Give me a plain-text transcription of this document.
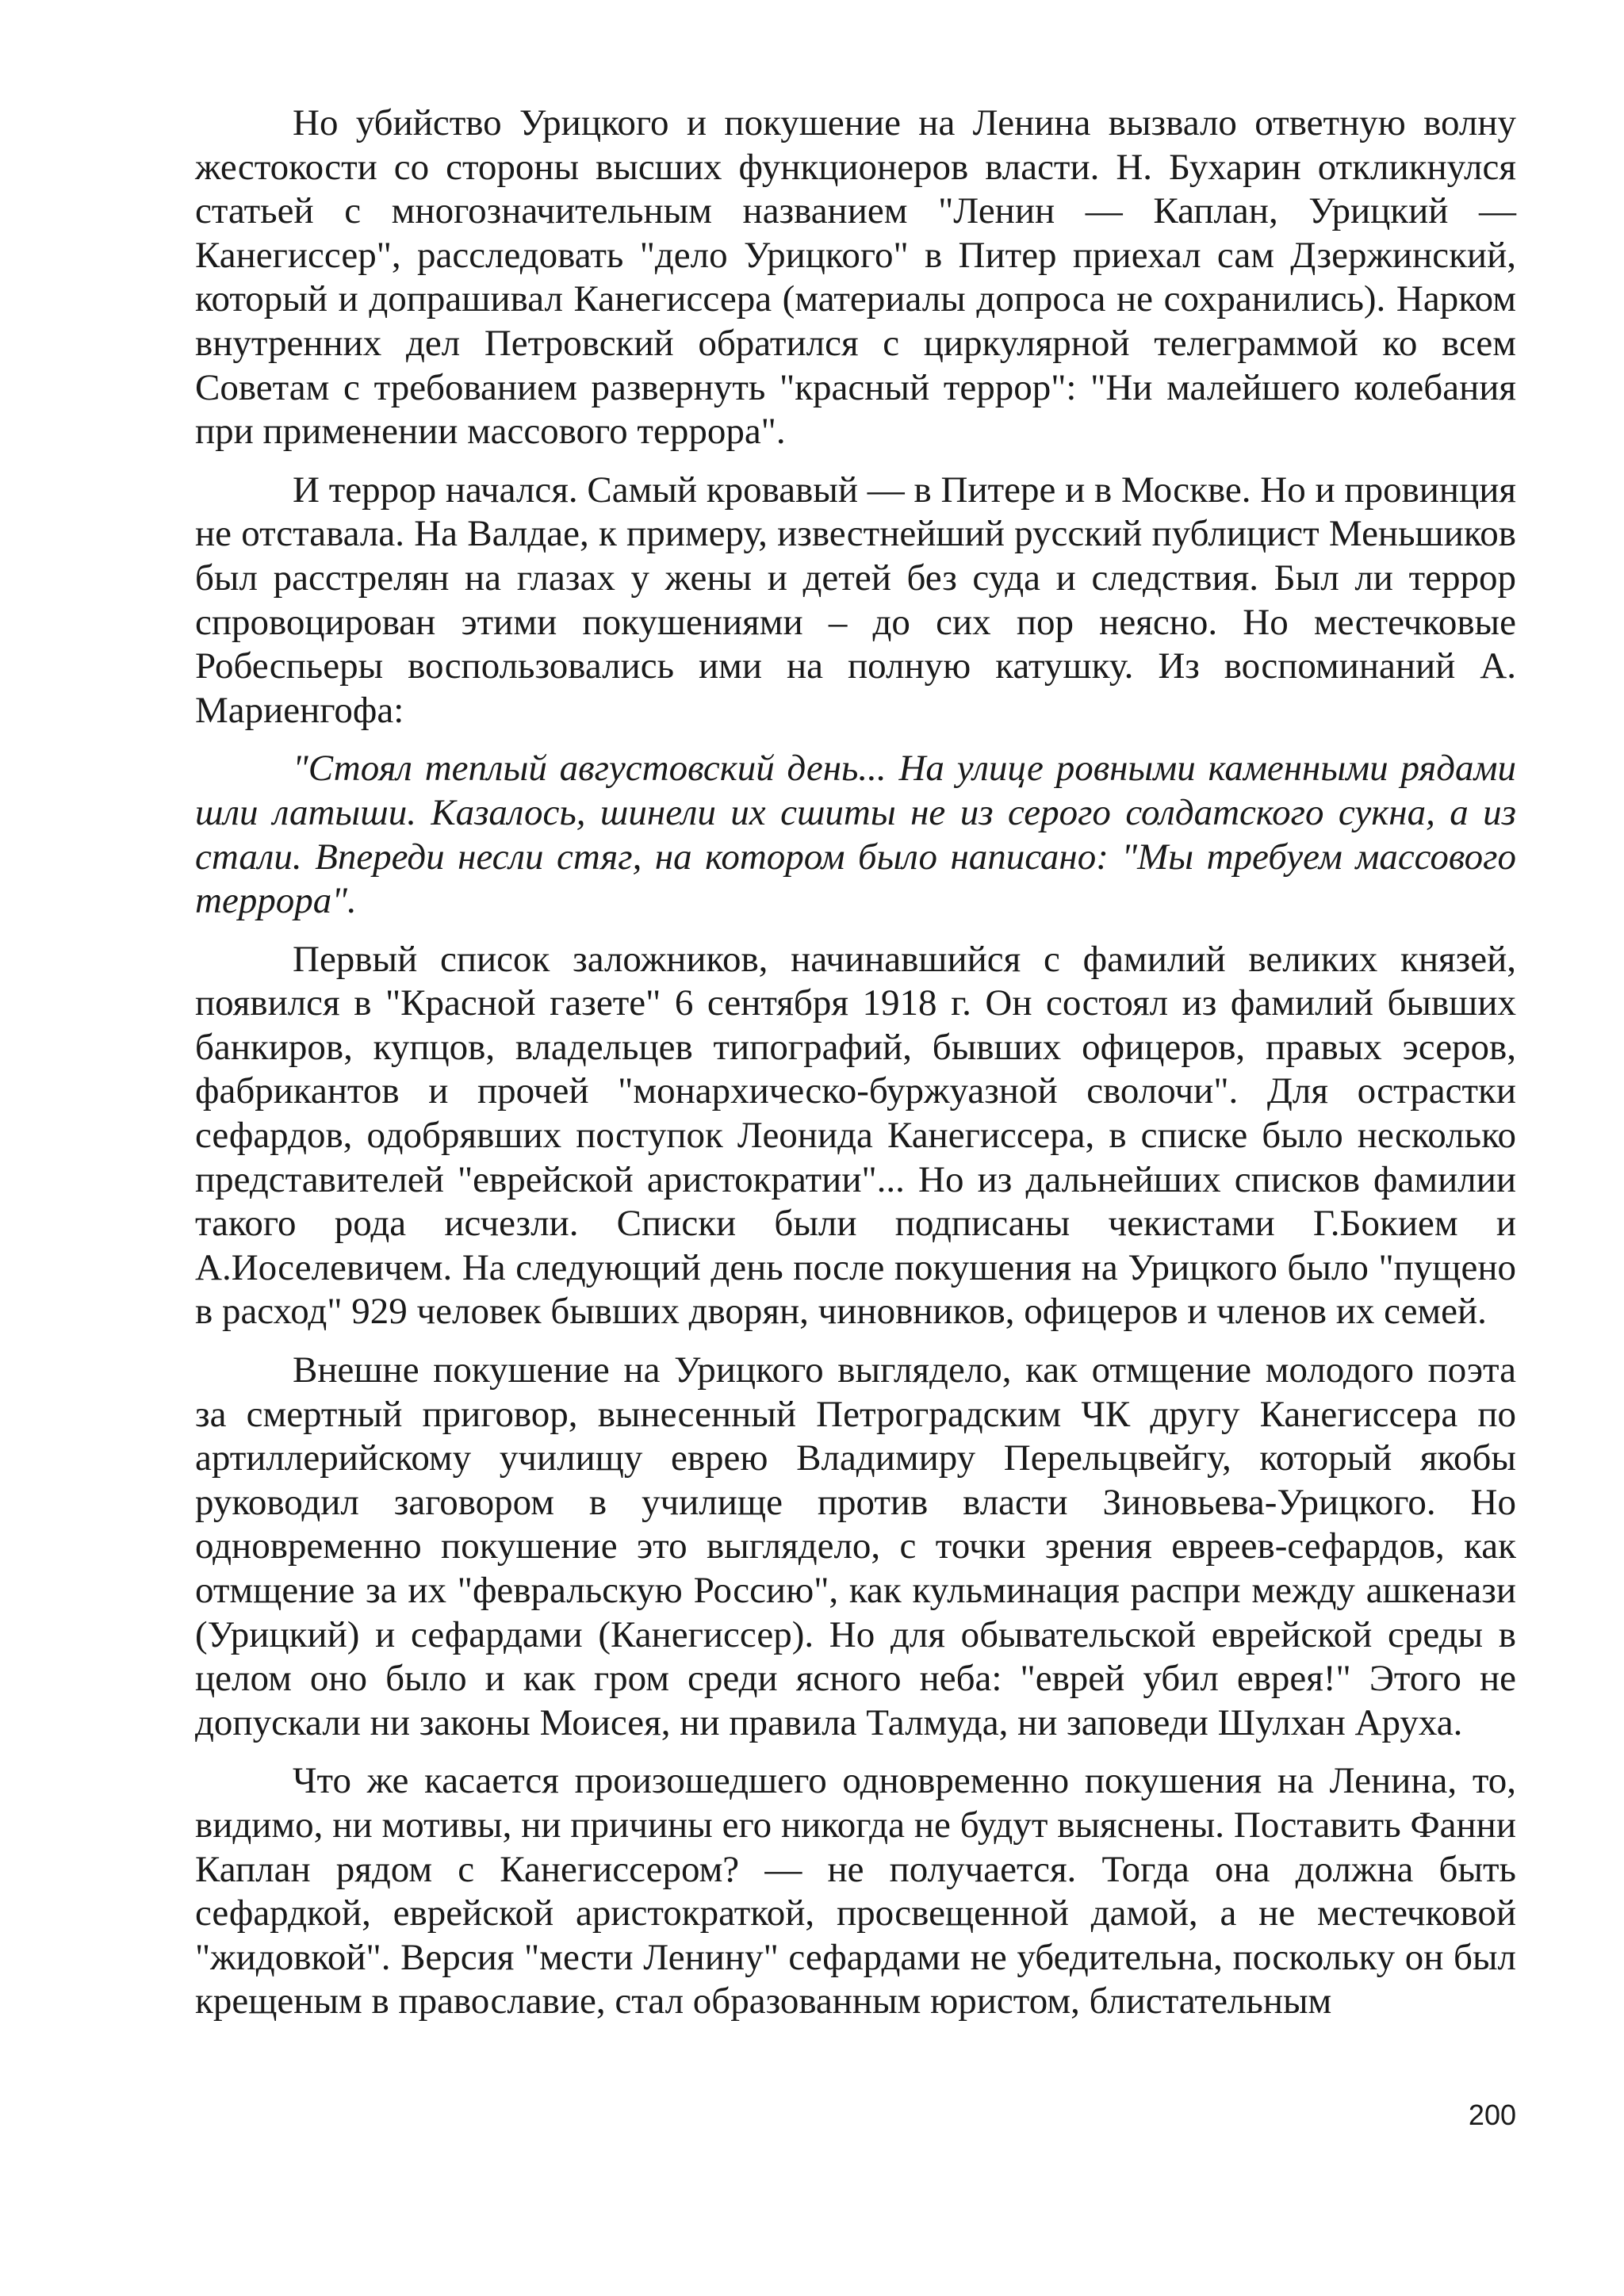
Но убийство Урицкого и покушение на Ленина вызвало ответную волну жестокости со стороны высших функционеров власти. Н. Бухарин откликнулся статьей с многозначительным названием "Ленин — Каплан, Урицкий — Канегиссер", расследовать "дело Урицкого" в Питер приехал сам Дзержинский, который и допрашивал Канегиссера (материалы допроса не сохранились). Нарком внутренних дел Петровский обратился с циркулярной телеграммой ко всем Советам с требованием развернуть "красный террор": "Ни малейшего колебания при применении массового террора".

И террор начался. Самый кровавый — в Питере и в Москве. Но и провинция не отставала. На Валдае, к примеру, известнейший русский публицист Меньшиков был расстрелян на глазах у жены и детей без суда и следствия. Был ли террор спровоцирован этими покушениями – до сих пор неясно. Но местечковые Робеспьеры воспользовались ими на полную катушку. Из воспоминаний А. Мариенгофа:

"Стоял теплый августовский день... На улице ровными каменными рядами шли латыши. Казалось, шинели их сшиты не из серого солдатского сукна, а из стали. Впереди несли стяг, на котором было написано: "Мы требуем массового террора".

Первый список заложников, начинавшийся с фамилий великих князей, появился в "Красной газете" 6 сентября 1918 г. Он состоял из фамилий бывших банкиров, купцов, владельцев типографий, бывших офицеров, правых эсеров, фабрикантов и прочей "монархическо-буржуазной сволочи". Для остраcтки сефардов, одобрявших поступок Леонида Канегиссера, в списке было несколько представителей "еврейской аристократии"... Но из дальнейших списков фамилии такого рода исчезли. Списки были подписаны чекистами Г.Бокием и А.Иоселевичем. На следующий день после покушения на Урицкого было "пущено в расход" 929 человек бывших дворян, чиновников, офицеров и членов их семей.

Внешне покушение на Урицкого выглядело, как отмщение молодого поэта за смертный приговор, вынесенный Петроградским ЧК другу Канегиссера по артиллерийскому училищу еврею Владимиру Перельцвейгу, который якобы руководил заговором в училище против власти Зиновьева-Урицкого. Но одновременно покушение это выглядело, с точки зрения евреев-сефардов, как отмщение за их "февральскую Россию", как кульминация распри между ашкенази (Урицкий) и сефардами (Канегиссер). Но для обывательской еврейской среды в целом оно было и как гром среди ясного неба: "еврей убил еврея!" Этого не допускали ни законы Моисея, ни правила Талмуда, ни заповеди Шулхан Аруха.

Что же касается произошедшего одновременно покушения на Ленина, то, видимо, ни мотивы, ни причины его никогда не будут выяснены. Поставить Фанни Каплан рядом с Канегиссером? — не получается. Тогда она должна быть сефардкой, еврейской аристократкой, просвещенной дамой, а не местечковой "жидовкой". Версия "мести Ленину" сефардами не убедительна, поскольку он был крещеным в православие, стал образованным юристом, блистательным

200
